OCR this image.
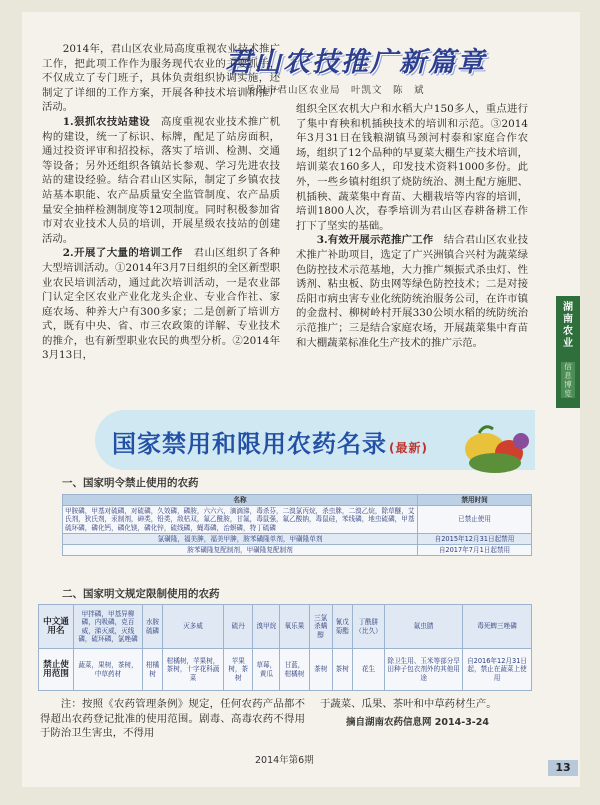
君山农技推广新篇章
岳阳市君山区农业局　叶凯文　陈　斌

2014年，君山区农业局高度重视农业技术推广工作，把此项工作作为服务现代农业的主要抓手，不仅成立了专门班子，具体负责组织协调实施，还制定了详细的工作方案，开展各种技术培训和推广活动。

1.狠抓农技站建设　高度重视农业技术推广机构的建设，统一了标识、标牌，配足了站房面积，通过投资评审和招投标，落实了培训、检测、交通等设备；另外还组织各镇站长参观、学习先进农技站的建设经验。结合君山区实际，制定了乡镇农技站基本职能、农产品质量安全监管制度、农产品质量安全抽样检测制度等12项制度。同时积极参加省市对农业技术人员的培训，开展星级农技站的创建活动。

2.开展了大量的培训工作　君山区组织了各种大型培训活动。①2014年3月7日组织的全区新型职业农民培训活动，通过此次培训活动，一是农业部门认定全区农业产业化龙头企业、专业合作社、家庭农场、种养大户有300多家；二是创新了培训方式，既有中央、省、市三农政策的详解、专业技术的推介，也有新型职业农民的典型分析。②2014年3月13日，

组织全区农机大户和水稻大户150多人，重点进行了集中育秧和机插秧技术的培训和示范。③2014年3月31日在钱粮湖镇马颈河村泰和家庭合作农场，组织了12个品种的早夏菜大棚生产技术培训，培训菜农160多人，印发技术资料1000多份。此外，一些乡镇村组织了烧防统治、测土配方施肥、机插秧、蔬菜集中育苗、大棚栽培等内容的培训，培训1800人次，春季培训为君山区春耕备耕工作打下了坚实的基础。

3.有效开展示范推广工作　结合君山区农业技术推广补助项目，选定了广兴洲镇合兴村为蔬菜绿色防控技术示范基地，大力推广频振式杀虫灯、性诱剂、粘虫板、防虫网等绿色防控技术；二是对接岳阳市病虫害专业化统防统治服务公司，在许市镇的金盘村、柳树岭村开展330公顷水稻的统防统治示范推广；三是结合家庭农场，开展蔬菜集中育苗和大棚蔬菜标准化生产技术的推广示范。

湖南农业
信息博览
国家禁用和限用农药名录 (最新)
一、国家明令禁止使用的农药
名称	禁用时间
甲胺磷，甲基对硫磷，对硫磷，久效磷，磷胺，六六六，滴滴涕，毒杀芬，二溴氯丙烷，杀虫脒，二溴乙烷，除草醚，艾氏剂，狄氏剂，汞制剂，砷类，铅类，敌枯双，氟乙酰胺，甘氟，毒鼠强，氟乙酸钠，毒鼠硅，苯线磷，地虫硫磷，甲基硫环磷，磷化钙，磷化镁，磷化锌，硫线磷，蝇毒磷，治螟磷，特丁硫磷	已禁止使用
氯磺隆，福美胂，福美甲胂，胺苯磺隆单剂，甲磺隆单剂	自2015年12月31日起禁用
胺苯磺隆复配制剂，甲磺隆复配制剂	自2017年7月1日起禁用
二、国家明文规定限制使用的农药
中文通用名	甲拌磷，甲基异柳磷，内吸磷，克百威，涕灭威，灭线磷，硫环磷，氯唑磷	水胺硫磷	灭多威	硫丹	溴甲烷	氧乐果	三氯杀螨醇	氰戊菊酯	丁酰肼（比久）	氟虫腈	毒死蜱三唑磷
禁止使用范围	蔬菜，果树，茶树，中草药材	柑橘树	柑橘树，苹果树，茶树，十字花科蔬菜	苹果树，茶树	草莓，黄瓜	甘蓝，柑橘树	茶树	茶树	花生	除卫生用、玉米等部分旱田种子包衣剂外的其他用途	自2016年12月31日起，禁止在蔬菜上使用

注：按照《农药管理条例》规定，任何农药产品都不得超出农药登记批准的使用范围。剧毒、高毒农药不得用于防治卫生害虫，不得用

于蔬菜、瓜果、茶叶和中草药材生产。

摘自湖南农药信息网 2014-3-24
2014年第6期
13
